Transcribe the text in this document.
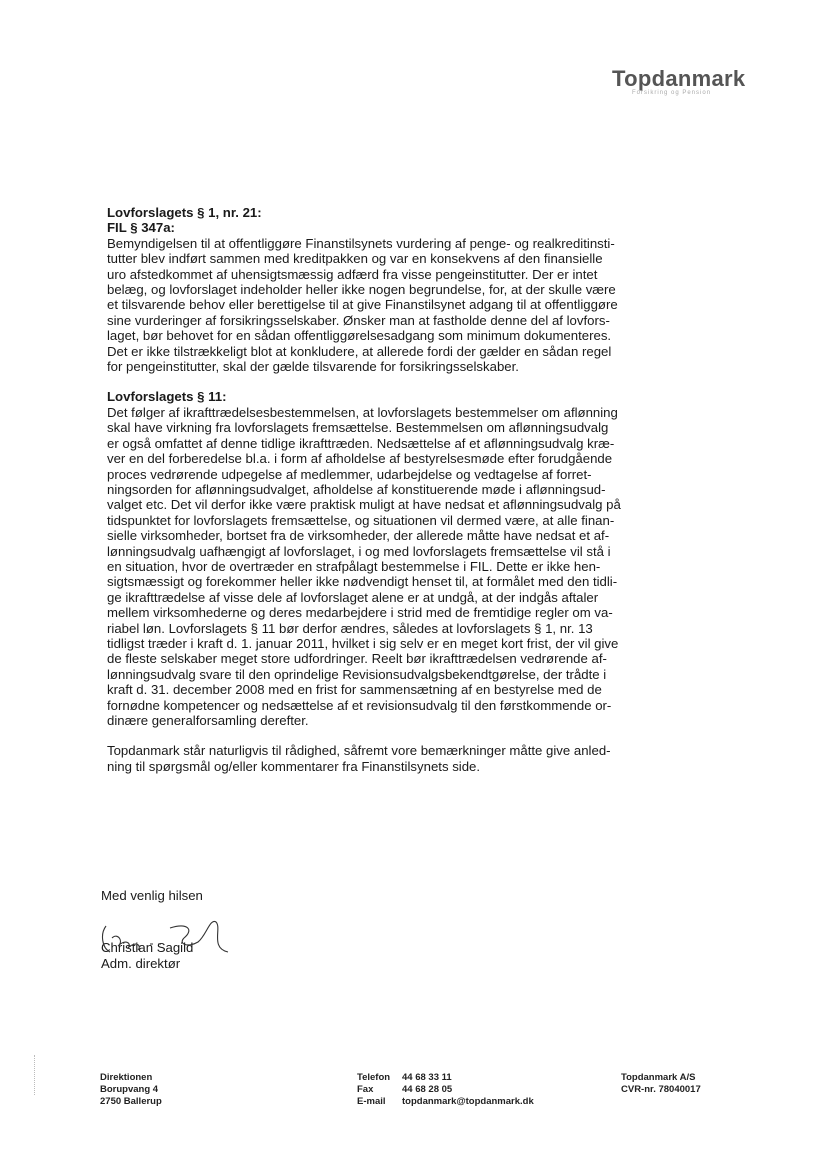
Topdanmark
Forsikring og Pension
Lovforslagets § 1, nr. 21:
FIL § 347a:
Bemyndigelsen til at offentliggøre Finanstilsynets vurdering af penge- og realkreditinsti-
tutter blev indført sammen med kreditpakken og var en konsekvens af den finansielle
uro afstedkommet af uhensigtsmæssig adfærd fra visse pengeinstitutter. Der er intet
belæg, og lovforslaget indeholder heller ikke nogen begrundelse, for, at der skulle være
et tilsvarende behov eller berettigelse til at give Finanstilsynet adgang til at offentliggøre
sine vurderinger af forsikringsselskaber. Ønsker man at fastholde denne del af lovfors-
laget, bør behovet for en sådan offentliggørelsesadgang som minimum dokumenteres.
Det er ikke tilstrækkeligt blot at konkludere, at allerede fordi der gælder en sådan regel
for pengeinstitutter, skal der gælde tilsvarende for forsikringsselskaber.
Lovforslagets § 11:
Det følger af ikrafttrædelsesbestemmelsen, at lovforslagets bestemmelser om aflønning
skal have virkning fra lovforslagets fremsættelse. Bestemmelsen om aflønningsudvalg
er også omfattet af denne tidlige ikrafttræden. Nedsættelse af et aflønningsudvalg kræ-
ver en del forberedelse bl.a. i form af afholdelse af bestyrelsesmøde efter forudgående
proces vedrørende udpegelse af medlemmer, udarbejdelse og vedtagelse af forret-
ningsorden for aflønningsudvalget, afholdelse af konstituerende møde i aflønningsud-
valget etc. Det vil derfor ikke være praktisk muligt at have nedsat et aflønningsudvalg på
tidspunktet for lovforslagets fremsættelse, og situationen vil dermed være, at alle finan-
sielle virksomheder, bortset fra de virksomheder, der allerede måtte have nedsat et af-
lønningsudvalg uafhængigt af lovforslaget, i og med lovforslagets fremsættelse vil stå i
en situation, hvor de overtræder en strafpålagt bestemmelse i FIL. Dette er ikke hen-
sigtsmæssigt og forekommer heller ikke nødvendigt henset til, at formålet med den tidli-
ge ikrafttrædelse af visse dele af lovforslaget alene er at undgå, at der indgås aftaler
mellem virksomhederne og deres medarbejdere i strid med de fremtidige regler om va-
riabel løn. Lovforslagets § 11 bør derfor ændres, således at lovforslagets § 1, nr. 13
tidligst træder i kraft d. 1. januar 2011, hvilket i sig selv er en meget kort frist, der vil give
de fleste selskaber meget store udfordringer. Reelt bør ikrafttrædelsen vedrørende af-
lønningsudvalg svare til den oprindelige Revisionsudvalgsbekendtgørelse, der trådte i
kraft d. 31. december 2008 med en frist for sammensætning af en bestyrelse med de
fornødne kompetencer og nedsættelse af et revisionsudvalg til den førstkommende or-
dinære generalforsamling derefter.
Topdanmark står naturligvis til rådighed, såfremt vore bemærkninger måtte give anled-
ning til spørgsmål og/eller kommentarer fra Finanstilsynets side.
Med venlig hilsen
Christian Sagild
Adm. direktør
Direktionen
Borupvang 4
2750 Ballerup
Telefon 44 68 33 11
Fax	44 68 28 05
E-mail topdanmark@topdanmark.dk
Topdanmark A/S
CVR-nr. 78040017
